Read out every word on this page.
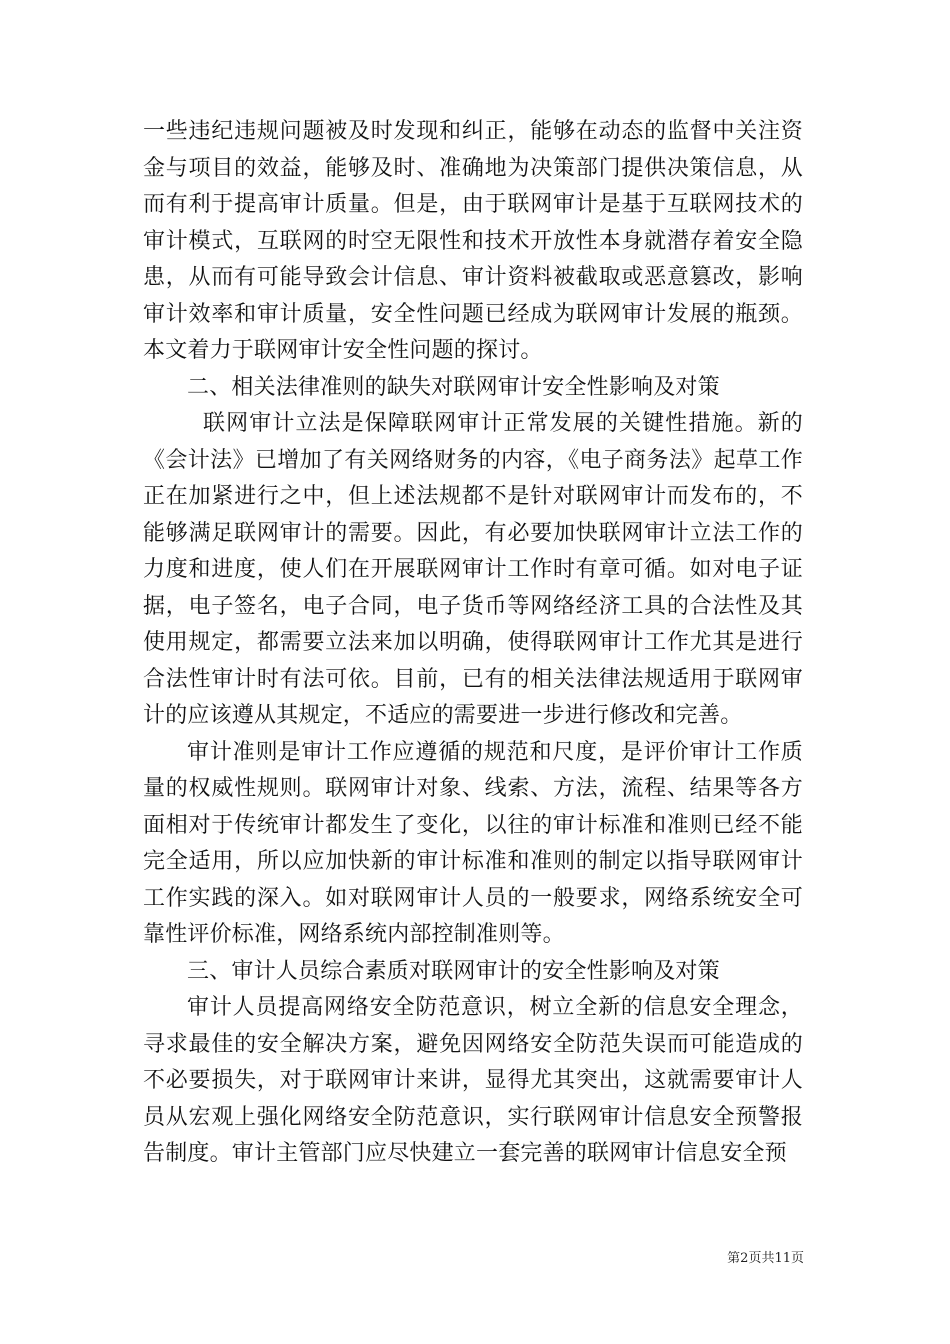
一些违纪违规问题被及时发现和纠正，能够在动态的监督中关注资金与项目的效益，能够及时、准确地为决策部门提供决策信息，从而有利于提高审计质量。但是，由于联网审计是基于互联网技术的审计模式，互联网的时空无限性和技术开放性本身就潜存着安全隐患，从而有可能导致会计信息、审计资料被截取或恶意篡改，影响审计效率和审计质量，安全性问题已经成为联网审计发展的瓶颈。本文着力于联网审计安全性问题的探讨。

二、相关法律准则的缺失对联网审计安全性影响及对策

联网审计立法是保障联网审计正常发展的关键性措施。新的《会计法》已增加了有关网络财务的内容，《电子商务法》起草工作正在加紧进行之中，但上述法规都不是针对联网审计而发布的，不能够满足联网审计的需要。因此，有必要加快联网审计立法工作的力度和进度，使人们在开展联网审计工作时有章可循。如对电子证据，电子签名，电子合同，电子货币等网络经济工具的合法性及其使用规定，都需要立法来加以明确，使得联网审计工作尤其是进行合法性审计时有法可依。目前，已有的相关法律法规适用于联网审计的应该遵从其规定，不适应的需要进一步进行修改和完善。

审计准则是审计工作应遵循的规范和尺度，是评价审计工作质量的权威性规则。联网审计对象、线索、方法，流程、结果等各方面相对于传统审计都发生了变化，以往的审计标准和准则已经不能完全适用，所以应加快新的审计标准和准则的制定以指导联网审计工作实践的深入。如对联网审计人员的一般要求，网络系统安全可靠性评价标准，网络系统内部控制准则等。

三、审计人员综合素质对联网审计的安全性影响及对策

审计人员提高网络安全防范意识，树立全新的信息安全理念，寻求最佳的安全解决方案，避免因网络安全防范失误而可能造成的不必要损失，对于联网审计来讲，显得尤其突出，这就需要审计人员从宏观上强化网络安全防范意识，实行联网审计信息安全预警报告制度。审计主管部门应尽快建立一套完善的联网审计信息安全预

第2页共11页
